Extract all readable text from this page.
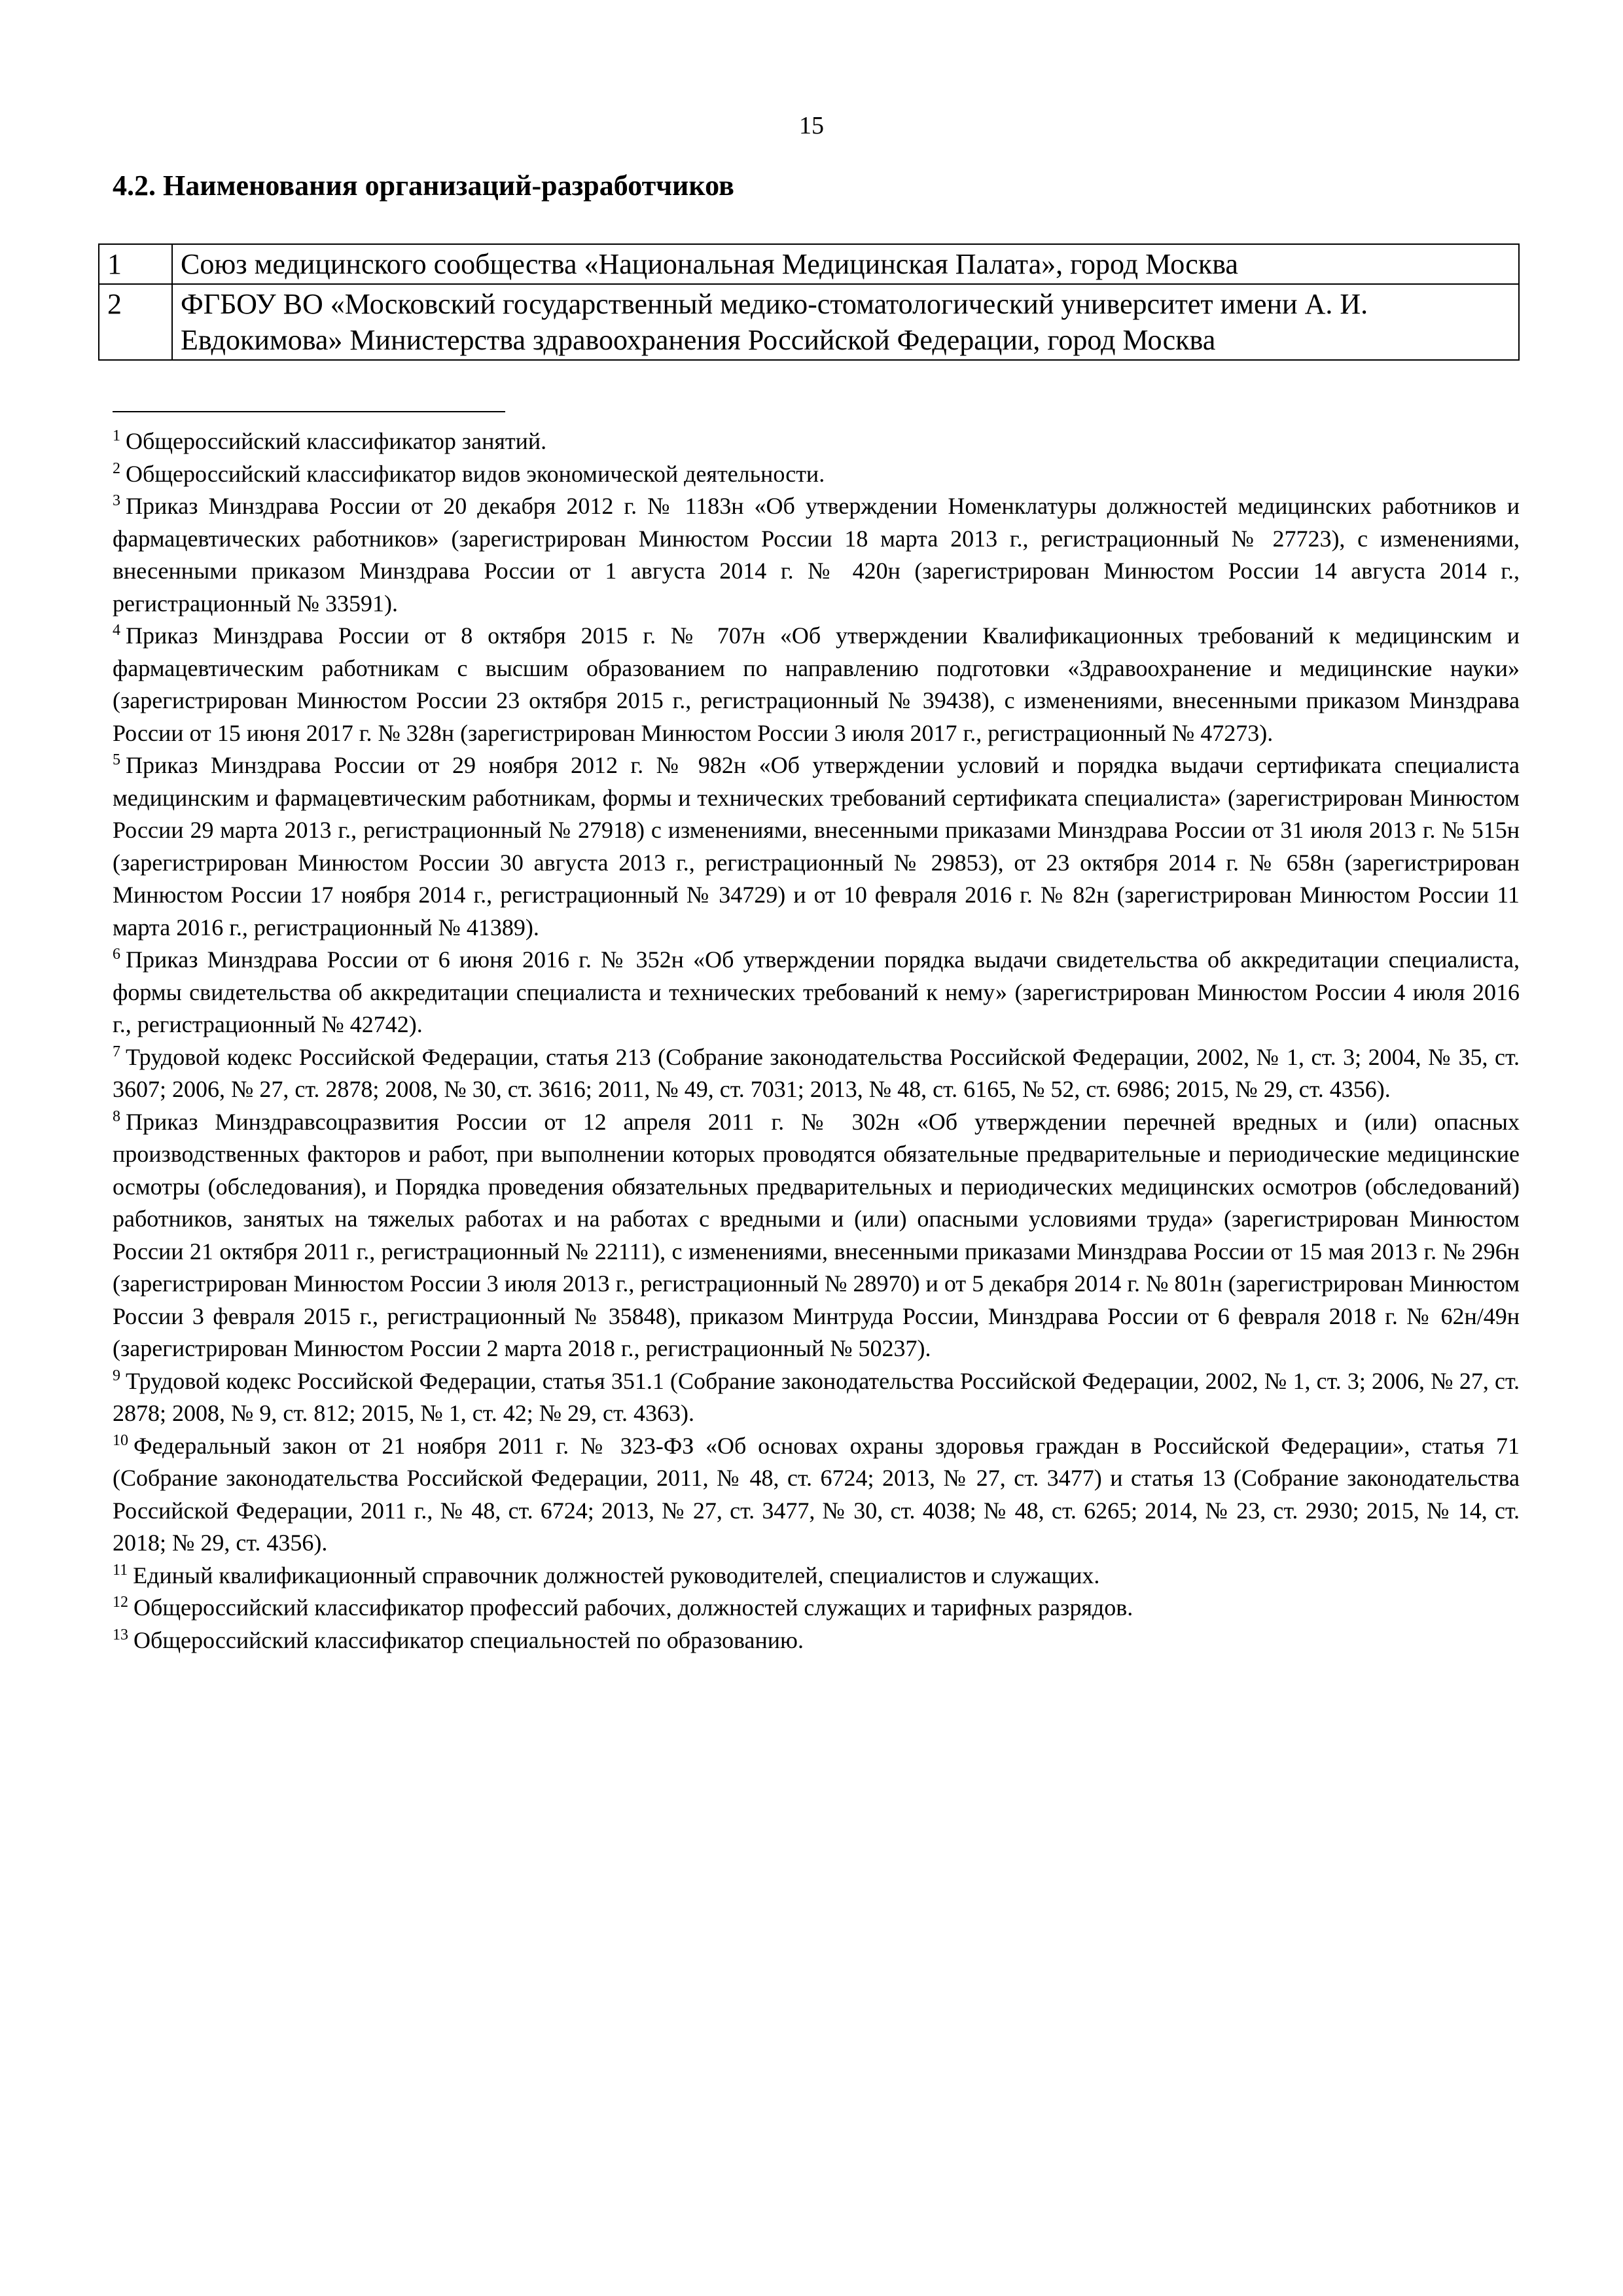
15
4.2. Наименования организаций-разработчиков
1	Союз медицинского сообщества «Национальная Медицинская Палата», город Москва
2	ФГБОУ ВО «Московский государственный медико-стоматологический университет имени А. И. Евдокимова» Министерства здравоохранения Российской Федерации, город Москва

$^1$ Общероссийский классификатор занятий.

$^2$ Общероссийский классификатор видов экономической деятельности.

$^3$ Приказ Минздрава России от 20 декабря 2012 г. № 1183н «Об утверждении Номенклатуры должностей медицинских работников и фармацевтических работников» (зарегистрирован Минюстом России 18 марта 2013 г., регистрационный № 27723), с изменениями, внесенными приказом Минздрава России от 1 августа 2014 г. № 420н (зарегистрирован Минюстом России 14 августа 2014 г., регистрационный № 33591).

$^4$ Приказ Минздрава России от 8 октября 2015 г. № 707н «Об утверждении Квалификационных требований к медицинским и фармацевтическим работникам с высшим образованием по направлению подготовки «Здравоохранение и медицинские науки» (зарегистрирован Минюстом России 23 октября 2015 г., регистрационный № 39438), с изменениями, внесенными приказом Минздрава России от 15 июня 2017 г. № 328н (зарегистрирован Минюстом России 3 июля 2017 г., регистрационный № 47273).

$^5$ Приказ Минздрава России от 29 ноября 2012 г. № 982н «Об утверждении условий и порядка выдачи сертификата специалиста медицинским и фармацевтическим работникам, формы и технических требований сертификата специалиста» (зарегистрирован Минюстом России 29 марта 2013 г., регистрационный № 27918) с изменениями, внесенными приказами Минздрава России от 31 июля 2013 г. № 515н (зарегистрирован Минюстом России 30 августа 2013 г., регистрационный № 29853), от 23 октября 2014 г. № 658н (зарегистрирован Минюстом России 17 ноября 2014 г., регистрационный № 34729) и от 10 февраля 2016 г. № 82н (зарегистрирован Минюстом России 11 марта 2016 г., регистрационный № 41389).

$^6$ Приказ Минздрава России от 6 июня 2016 г. № 352н «Об утверждении порядка выдачи свидетельства об аккредитации специалиста, формы свидетельства об аккредитации специалиста и технических требований к нему» (зарегистрирован Минюстом России 4 июля 2016 г., регистрационный № 42742).

$^7$ Трудовой кодекс Российской Федерации, статья 213 (Собрание законодательства Российской Федерации, 2002, № 1, ст. 3; 2004, № 35, ст. 3607; 2006, № 27, ст. 2878; 2008, № 30, ст. 3616; 2011, № 49, ст. 7031; 2013, № 48, ст. 6165, № 52, ст. 6986; 2015, № 29, ст. 4356).

$^8$ Приказ Минздравсоцразвития России от 12 апреля 2011 г. № 302н «Об утверждении перечней вредных и (или) опасных производственных факторов и работ, при выполнении которых проводятся обязательные предварительные и периодические медицинские осмотры (обследования), и Порядка проведения обязательных предварительных и периодических медицинских осмотров (обследований) работников, занятых на тяжелых работах и на работах с вредными и (или) опасными условиями труда» (зарегистрирован Минюстом России 21 октября 2011 г., регистрационный № 22111), с изменениями, внесенными приказами Минздрава России от 15 мая 2013 г. № 296н (зарегистрирован Минюстом России 3 июля 2013 г., регистрационный № 28970) и от 5 декабря 2014 г. № 801н (зарегистрирован Минюстом России 3 февраля 2015 г., регистрационный № 35848), приказом Минтруда России, Минздрава России от 6 февраля 2018 г. № 62н/49н (зарегистрирован Минюстом России 2 марта 2018 г., регистрационный № 50237).

$^9$ Трудовой кодекс Российской Федерации, статья 351.1 (Собрание законодательства Российской Федерации, 2002, № 1, ст. 3; 2006, № 27, ст. 2878; 2008, № 9, ст. 812; 2015, № 1, ст. 42; № 29, ст. 4363).

$^{10}$ Федеральный закон от 21 ноября 2011 г. № 323-ФЗ «Об основах охраны здоровья граждан в Российской Федерации», статья 71 (Собрание законодательства Российской Федерации, 2011, № 48, ст. 6724; 2013, № 27, ст. 3477) и статья 13 (Собрание законодательства Российской Федерации, 2011 г., № 48, ст. 6724; 2013, № 27, ст. 3477, № 30, ст. 4038; № 48, ст. 6265; 2014, № 23, ст. 2930; 2015, № 14, ст. 2018; № 29, ст. 4356).

$^{11}$ Единый квалификационный справочник должностей руководителей, специалистов и служащих.

$^{12}$ Общероссийский классификатор профессий рабочих, должностей служащих и тарифных разрядов.

$^{13}$ Общероссийский классификатор специальностей по образованию.
